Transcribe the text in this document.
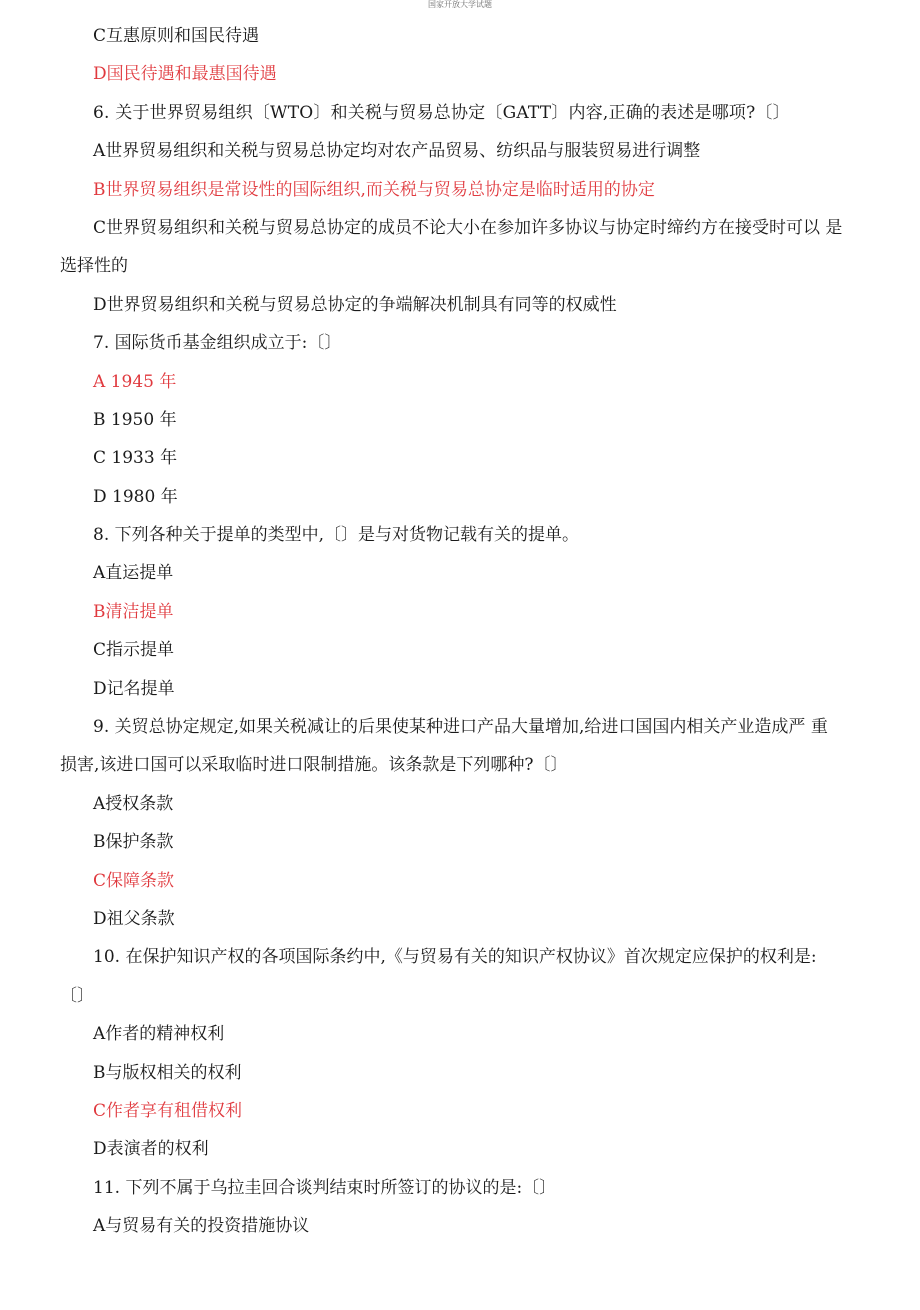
国家开放大学试题
C互惠原则和国民待遇
D国民待遇和最惠国待遇
6. 关于世界贸易组织〔WTO〕和关税与贸易总协定〔GATT〕内容,正确的表述是哪项?〔〕
A世界贸易组织和关税与贸易总协定均对农产品贸易、纺织品与服装贸易进行调整
B世界贸易组织是常设性的国际组织,而关税与贸易总协定是临时适用的协定
C世界贸易组织和关税与贸易总协定的成员不论大小在参加许多协议与协定时缔约方在接受时可以 是
选择性的
D世界贸易组织和关税与贸易总协定的争端解决机制具有同等的权威性
7. 国际货币基金组织成立于:〔〕
A 1945 年
B 1950 年
C 1933 年
D 1980 年
8. 下列各种关于提单的类型中,〔〕是与对货物记载有关的提单。
A直运提单
B清洁提单
C指示提单
D记名提单
9. 关贸总协定规定,如果关税减让的后果使某种进口产品大量增加,给进口国国内相关产业造成严 重
损害,该进口国可以采取临时进口限制措施。该条款是下列哪种?〔〕
A授权条款
B保护条款
C保障条款
D祖父条款
10. 在保护知识产权的各项国际条约中,《与贸易有关的知识产权协议》首次规定应保护的权利是:
〔〕
A作者的精神权利
B与版权相关的权利
C作者享有租借权利
D表演者的权利
11. 下列不属于乌拉圭回合谈判结束时所签订的协议的是:〔〕
A与贸易有关的投资措施协议
